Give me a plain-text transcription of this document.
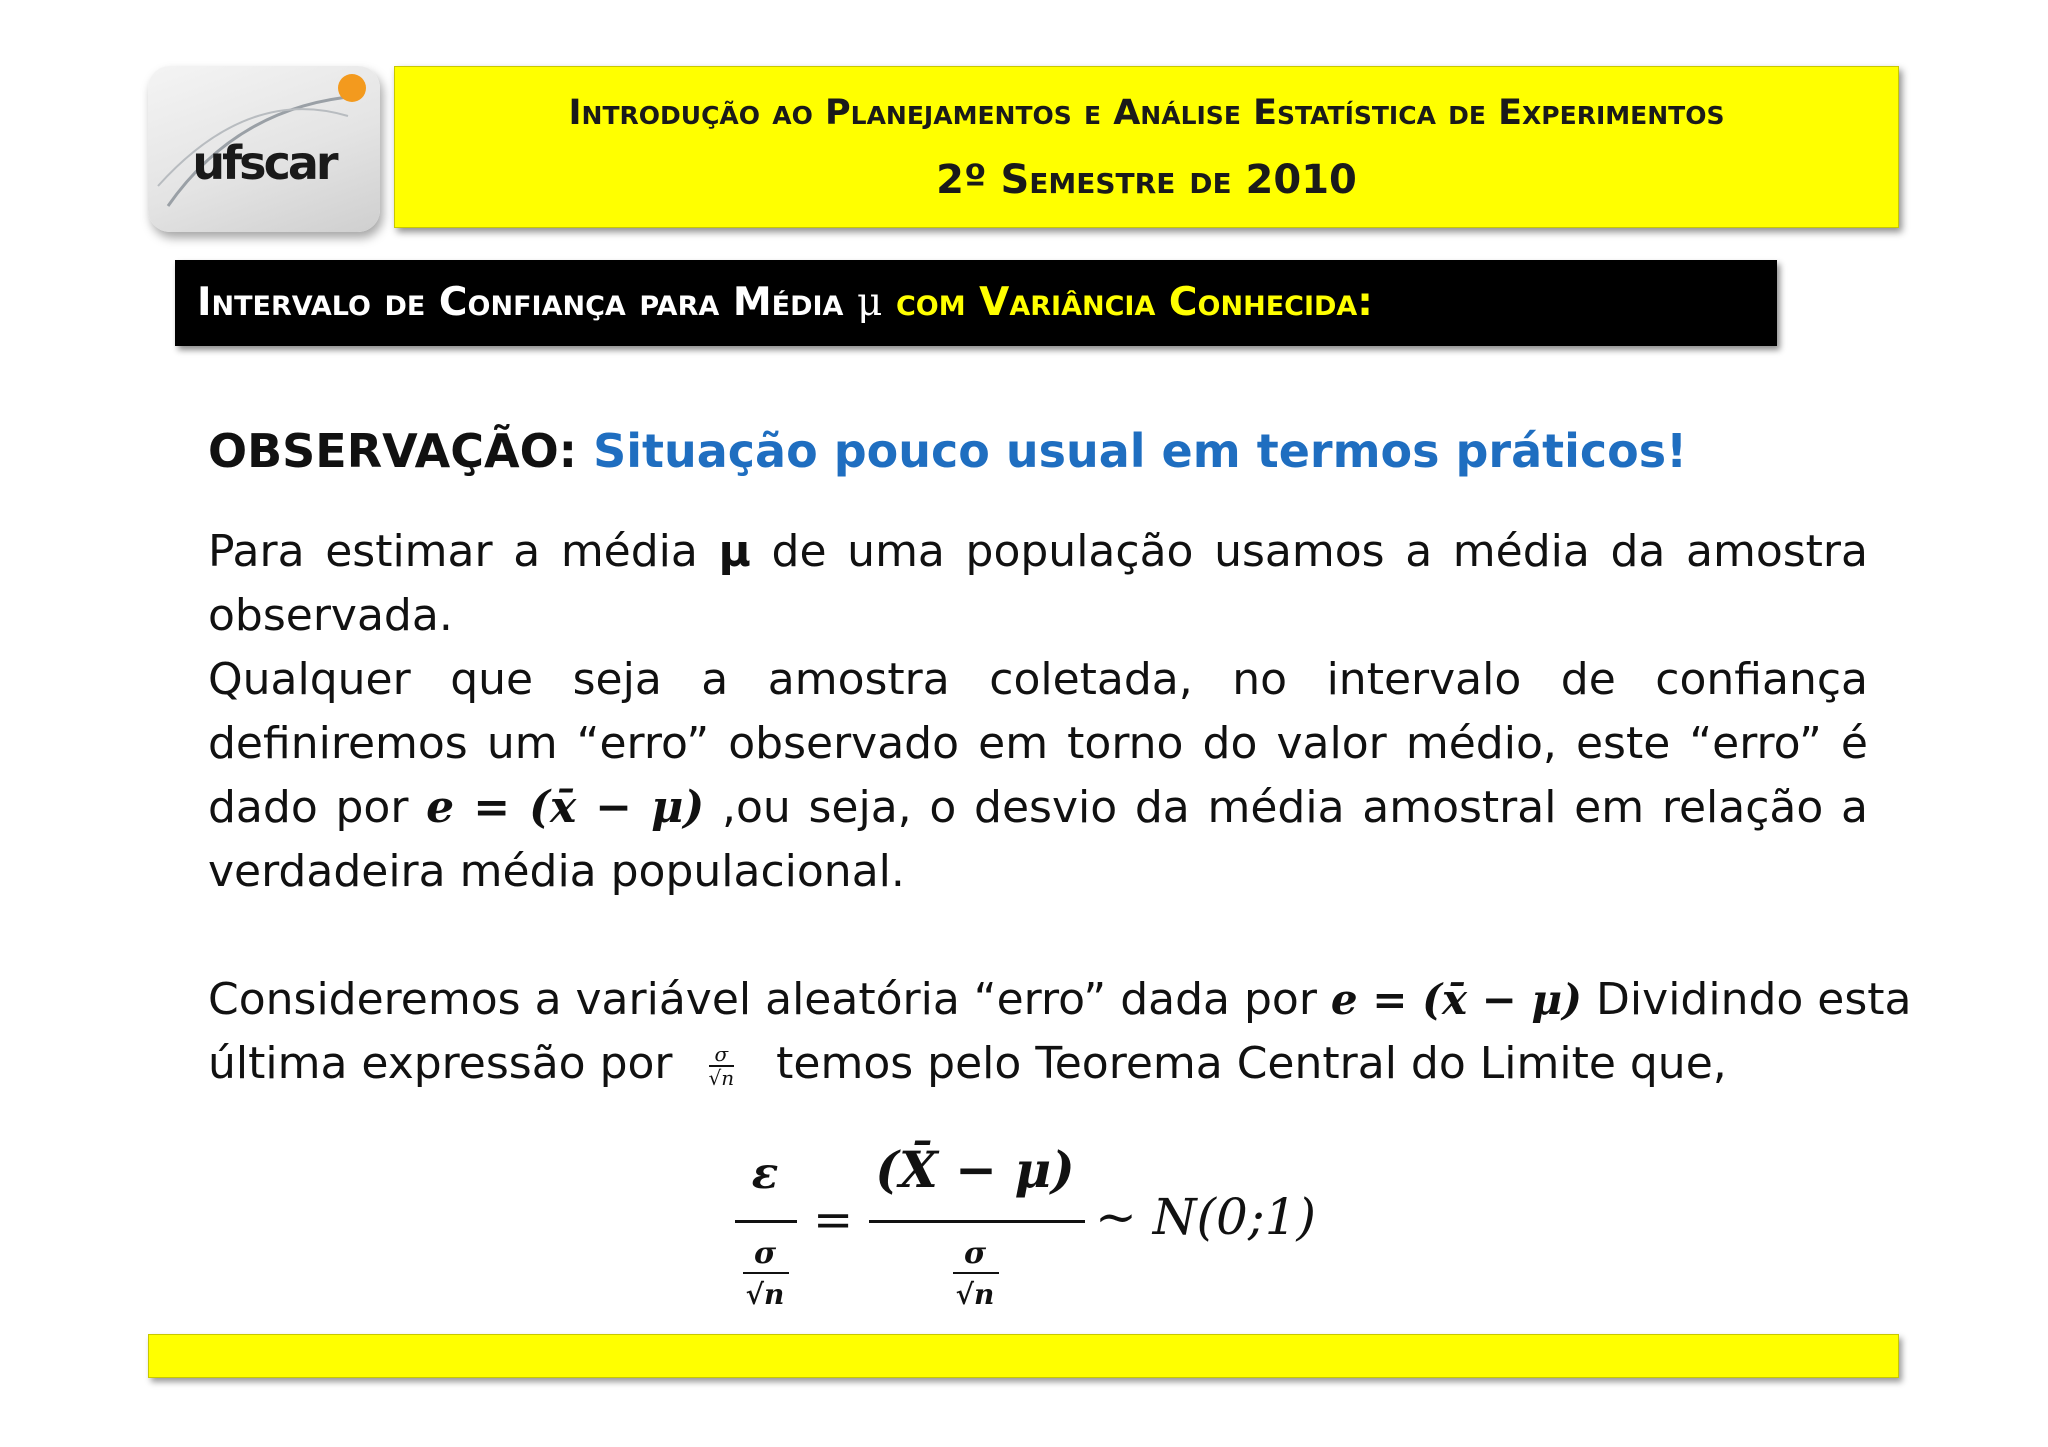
ufscar
Introdução ao Planejamentos e Análise Estatística de Experimentos
2º Semestre de 2010
Intervalo de Confiança para Média μ com Variância Conhecida:
OBSERVAÇÃO: Situação pouco usual em termos práticos!
Para estimar a média μ de uma população usamos a média da amostra
observada.
Qualquer que seja a amostra coletada, no intervalo de confiança
definiremos um “erro” observado em torno do valor médio, este “erro” é
dado por e = (x̄ − μ) ,ou seja, o desvio da média amostral em relação a
verdadeira média populacional.
Consideremos a variável aleatória “erro” dada por e = (x̄ − μ) Dividindo esta
última expressão por $\frac{\sigma}{√n}$ temos pelo Teorema Central do Limite que,
ε
σ
√n
=
(X̄ − μ)
σ
√n
~ N(0;1)
